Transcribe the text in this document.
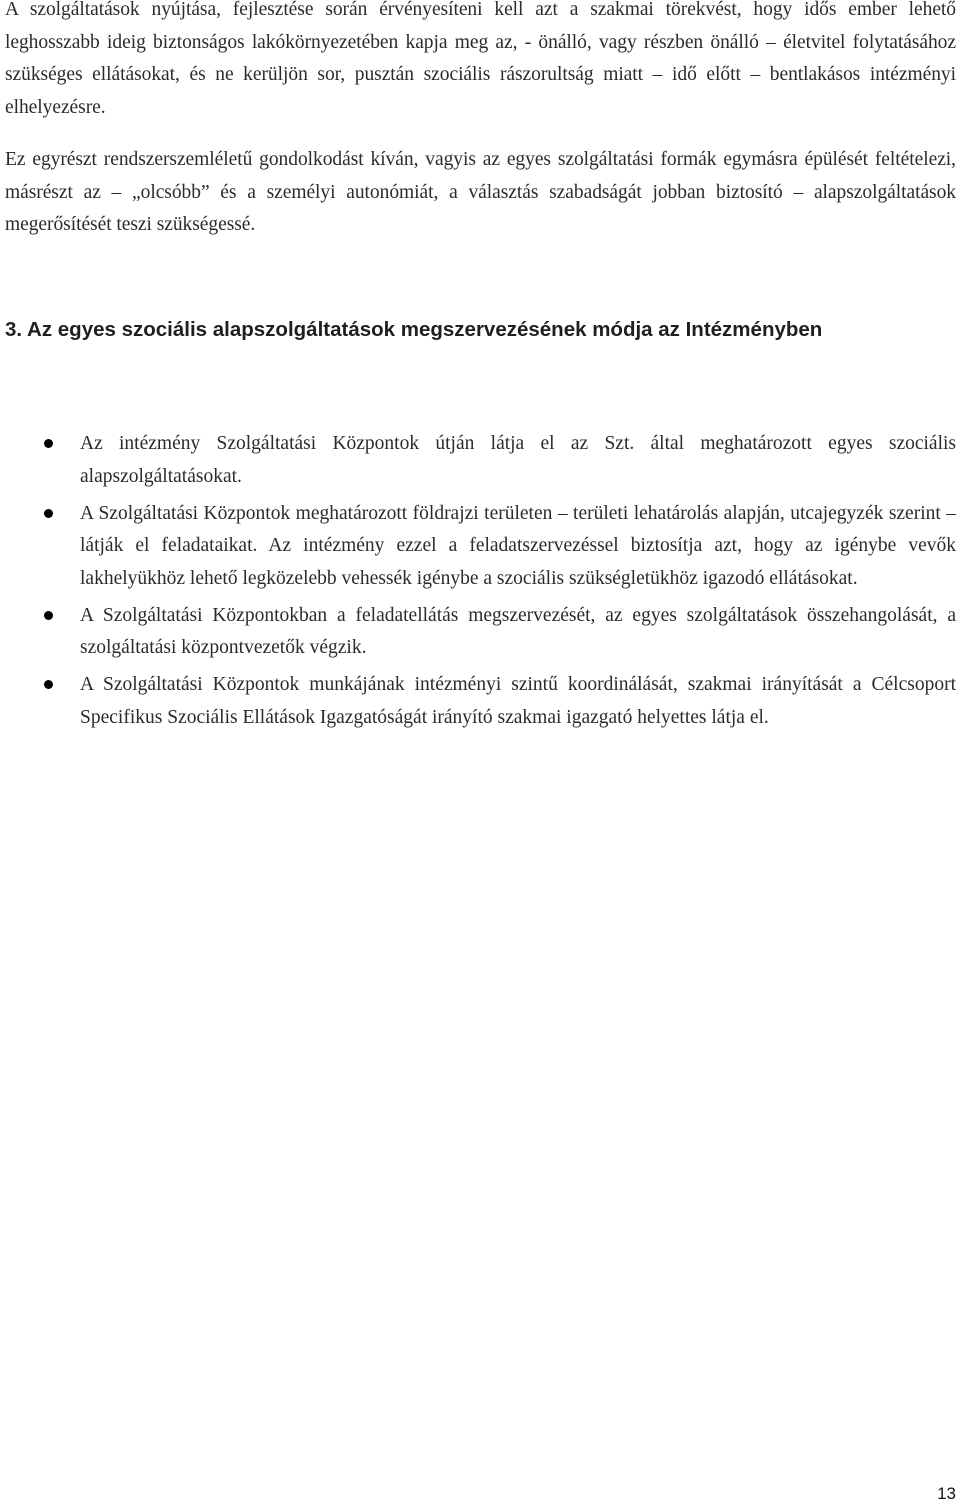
A szolgáltatások nyújtása, fejlesztése során érvényesíteni kell azt a szakmai törekvést, hogy idős ember lehető leghosszabb ideig biztonságos lakókörnyezetében kapja meg az, - önálló, vagy részben önálló – életvitel folytatásához szükséges ellátásokat, és ne kerüljön sor, pusztán szociális rászorultság miatt – idő előtt – bentlakásos intézményi elhelyezésre.

Ez egyrészt rendszerszemléletű gondolkodást kíván, vagyis az egyes szolgáltatási formák egymásra épülését feltételezi, másrészt az – „olcsóbb” és a személyi autonómiát, a választás szabadságát jobban biztosító – alapszolgáltatások megerősítését teszi szükségessé.

3. Az egyes szociális alapszolgáltatások megszervezésének módja az Intézményben
Az intézmény Szolgáltatási Központok útján látja el az Szt. által meghatározott egyes szociális alapszolgáltatásokat.
A Szolgáltatási Központok meghatározott földrajzi területen – területi lehatárolás alapján, utcajegyzék szerint – látják el feladataikat. Az intézmény ezzel a feladatszervezéssel biztosítja azt, hogy az igénybe vevők lakhelyükhöz lehető legközelebb vehessék igénybe a szociális szükségletükhöz igazodó ellátásokat.
A Szolgáltatási Központokban a feladatellátás megszervezését, az egyes szolgáltatások összehangolását, a szolgáltatási központvezetők végzik.
A Szolgáltatási Központok munkájának intézményi szintű koordinálását, szakmai irányítását a Célcsoport Specifikus Szociális Ellátások Igazgatóságát irányító szakmai igazgató helyettes látja el.
13
